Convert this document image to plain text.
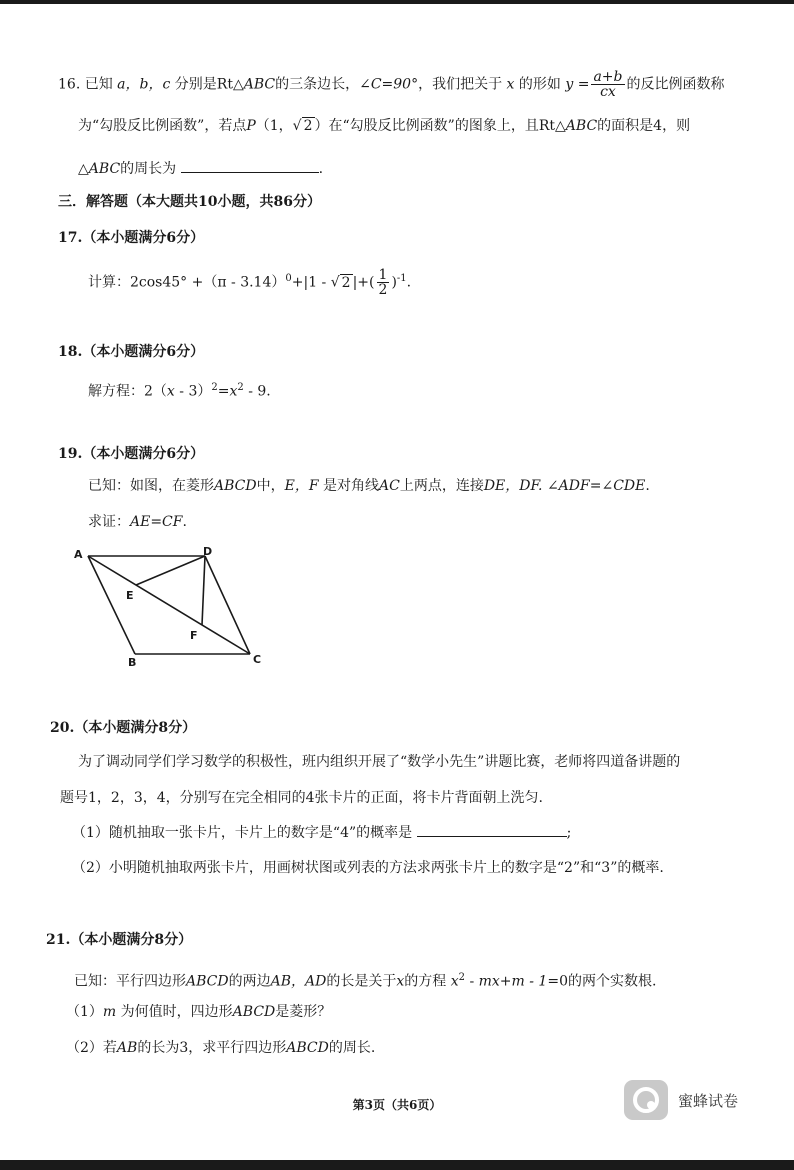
16. 已知 a，b，c 分别是Rt△ABC的三条边长，∠C=90°，我们把关于 x 的形如 $y = \frac{a+b}{cx}$ 的反比例函数称
为“勾股反比例函数”，若点P（1，√ 2 ）在“勾股反比例函数”的图象上，且Rt△ABC的面积是4，则
△ABC的周长为	.
三．解答题（本大题共10小题，共86分）
17.（本小题满分6分）
计算：2cos45° +（π - 3.14）$^0$+|1 - √ 2 |+( $\frac{1}{2} )^{-1}$.
18.（本小题满分6分）
解方程：$2(x - 3)^2=x^2 - 9$.
19.（本小题满分6分）
已知：如图，在菱形ABCD中，E，F 是对角线AC上两点，连接DE，DF. ∠ADF=∠CDE.
求证：AE=CF.
A	D
E
F
B	C
20.（本小题满分8分）
为了调动同学们学习数学的积极性，班内组织开展了“数学小先生”讲题比赛，老师将四道备讲题的
题号1，2，3，4，分别写在完全相同的4张卡片的正面，将卡片背面朝上洗匀.
（1）随机抽取一张卡片，卡片上的数字是“4”的概率是	;
（2）小明随机抽取两张卡片，用画树状图或列表的方法求两张卡片上的数字是“2”和“3”的概率.
21.（本小题满分8分）
已知：平行四边形ABCD的两边AB，AD的长是关于x的方程 $x^2 - mx+m - 1=0$的两个实数根.
（1）m 为何值时，四边形ABCD是菱形？
（2）若AB的长为3，求平行四边形ABCD的周长.
第3页（共6页）	蜜蜂试卷
